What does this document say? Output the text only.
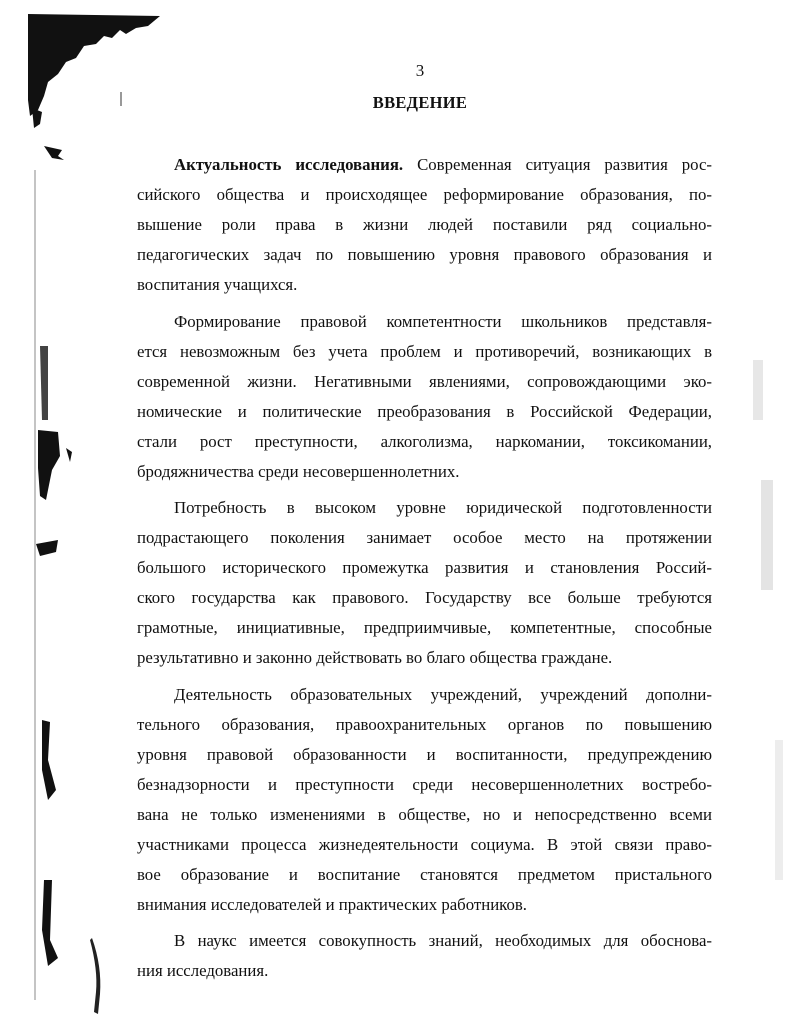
3
ВВЕДЕНИЕ
Актуальность исследования. Современная ситуация развития рос-
сийского общества и происходящее реформирование образования, по-
вышение роли права в жизни людей поставили ряд социально-
педагогических задач по повышению уровня правового образования и
воспитания учащихся.
Формирование правовой компетентности школьников представля-
ется невозможным без учета проблем и противоречий, возникающих в
современной жизни. Негативными явлениями, сопровождающими эко-
номические и политические преобразования в Российской Федерации,
стали рост преступности, алкоголизма, наркомании, токсикомании,
бродяжничества среди несовершеннолетних.
Потребность в высоком уровне юридической подготовленности
подрастающего поколения занимает особое место на протяжении
большого исторического промежутка развития и становления Россий-
ского государства как правового. Государству все больше требуются
грамотные, инициативные, предприимчивые, компетентные, способные
результативно и законно действовать во благо общества граждане.
Деятельность образовательных учреждений, учреждений дополни-
тельного образования, правоохранительных органов по повышению
уровня правовой образованности и воспитанности, предупреждению
безнадзорности и преступности среди несовершеннолетних востребо-
вана не только изменениями в обществе, но и непосредственно всеми
участниками процесса жизнедеятельности социума. В этой связи право-
вое образование и воспитание становятся предметом пристального
внимания исследователей и практических работников.
В наукс имеется совокупность знаний, необходимых для обоснова-
ния исследования.
